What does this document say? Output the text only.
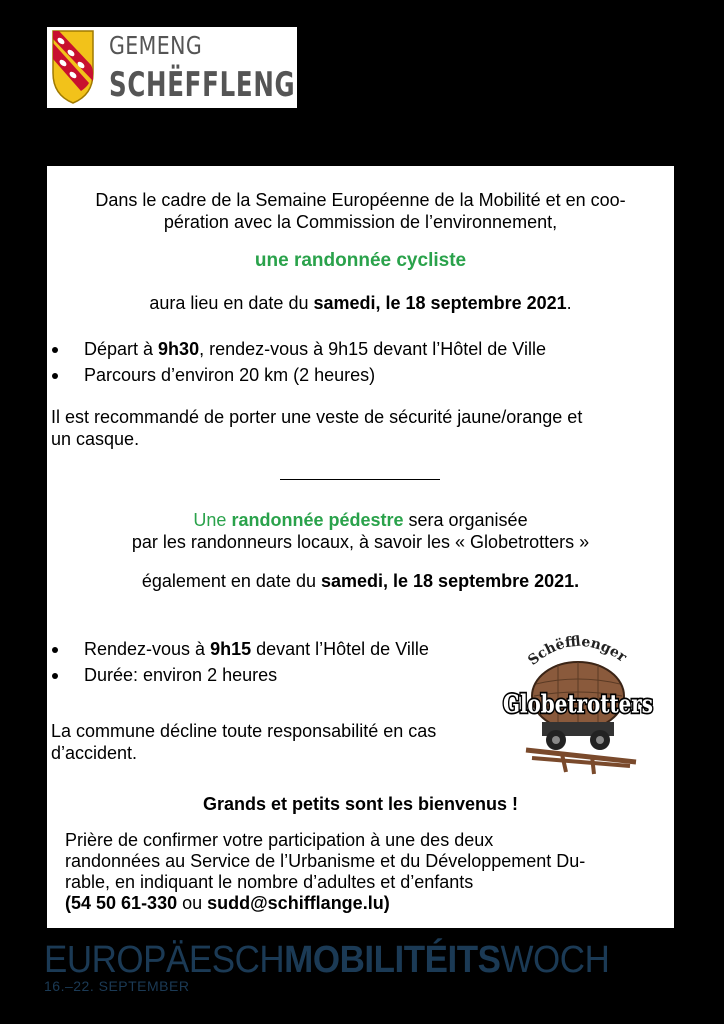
GEMENG
SCHËFFLENG
Dans le cadre de la Semaine Européenne de la Mobilité et en coo-
pération avec la Commission de l’environnement,
une randonnée cycliste
aura lieu en date du samedi, le 18 septembre 2021.
Départ à 9h30, rendez-vous à 9h15 devant l’Hôtel de Ville
Parcours d’environ 20 km (2 heures)
Il est recommandé de porter une veste de sécurité jaune/orange et
un casque.
Une randonnée pédestre sera organisée
par les randonneurs locaux, à savoir les « Globetrotters »
également en date du samedi, le 18 septembre 2021.
Rendez-vous à 9h15 devant l’Hôtel de Ville
Durée: environ 2 heures
La commune décline toute responsabilité en cas
d’accident.
Schëfflenger
Globetrotters
Grands et petits sont les bienvenus !
Prière de confirmer votre participation à une des deux
randonnées au Service de l’Urbanisme et du Développement Du-
rable, en indiquant le nombre d’adultes et d’enfants
(54 50 61-330 ou sudd@schifflange.lu)
EUROPÄESCHMOBILITÉITSWOCH
16.–22. SEPTEMBER
